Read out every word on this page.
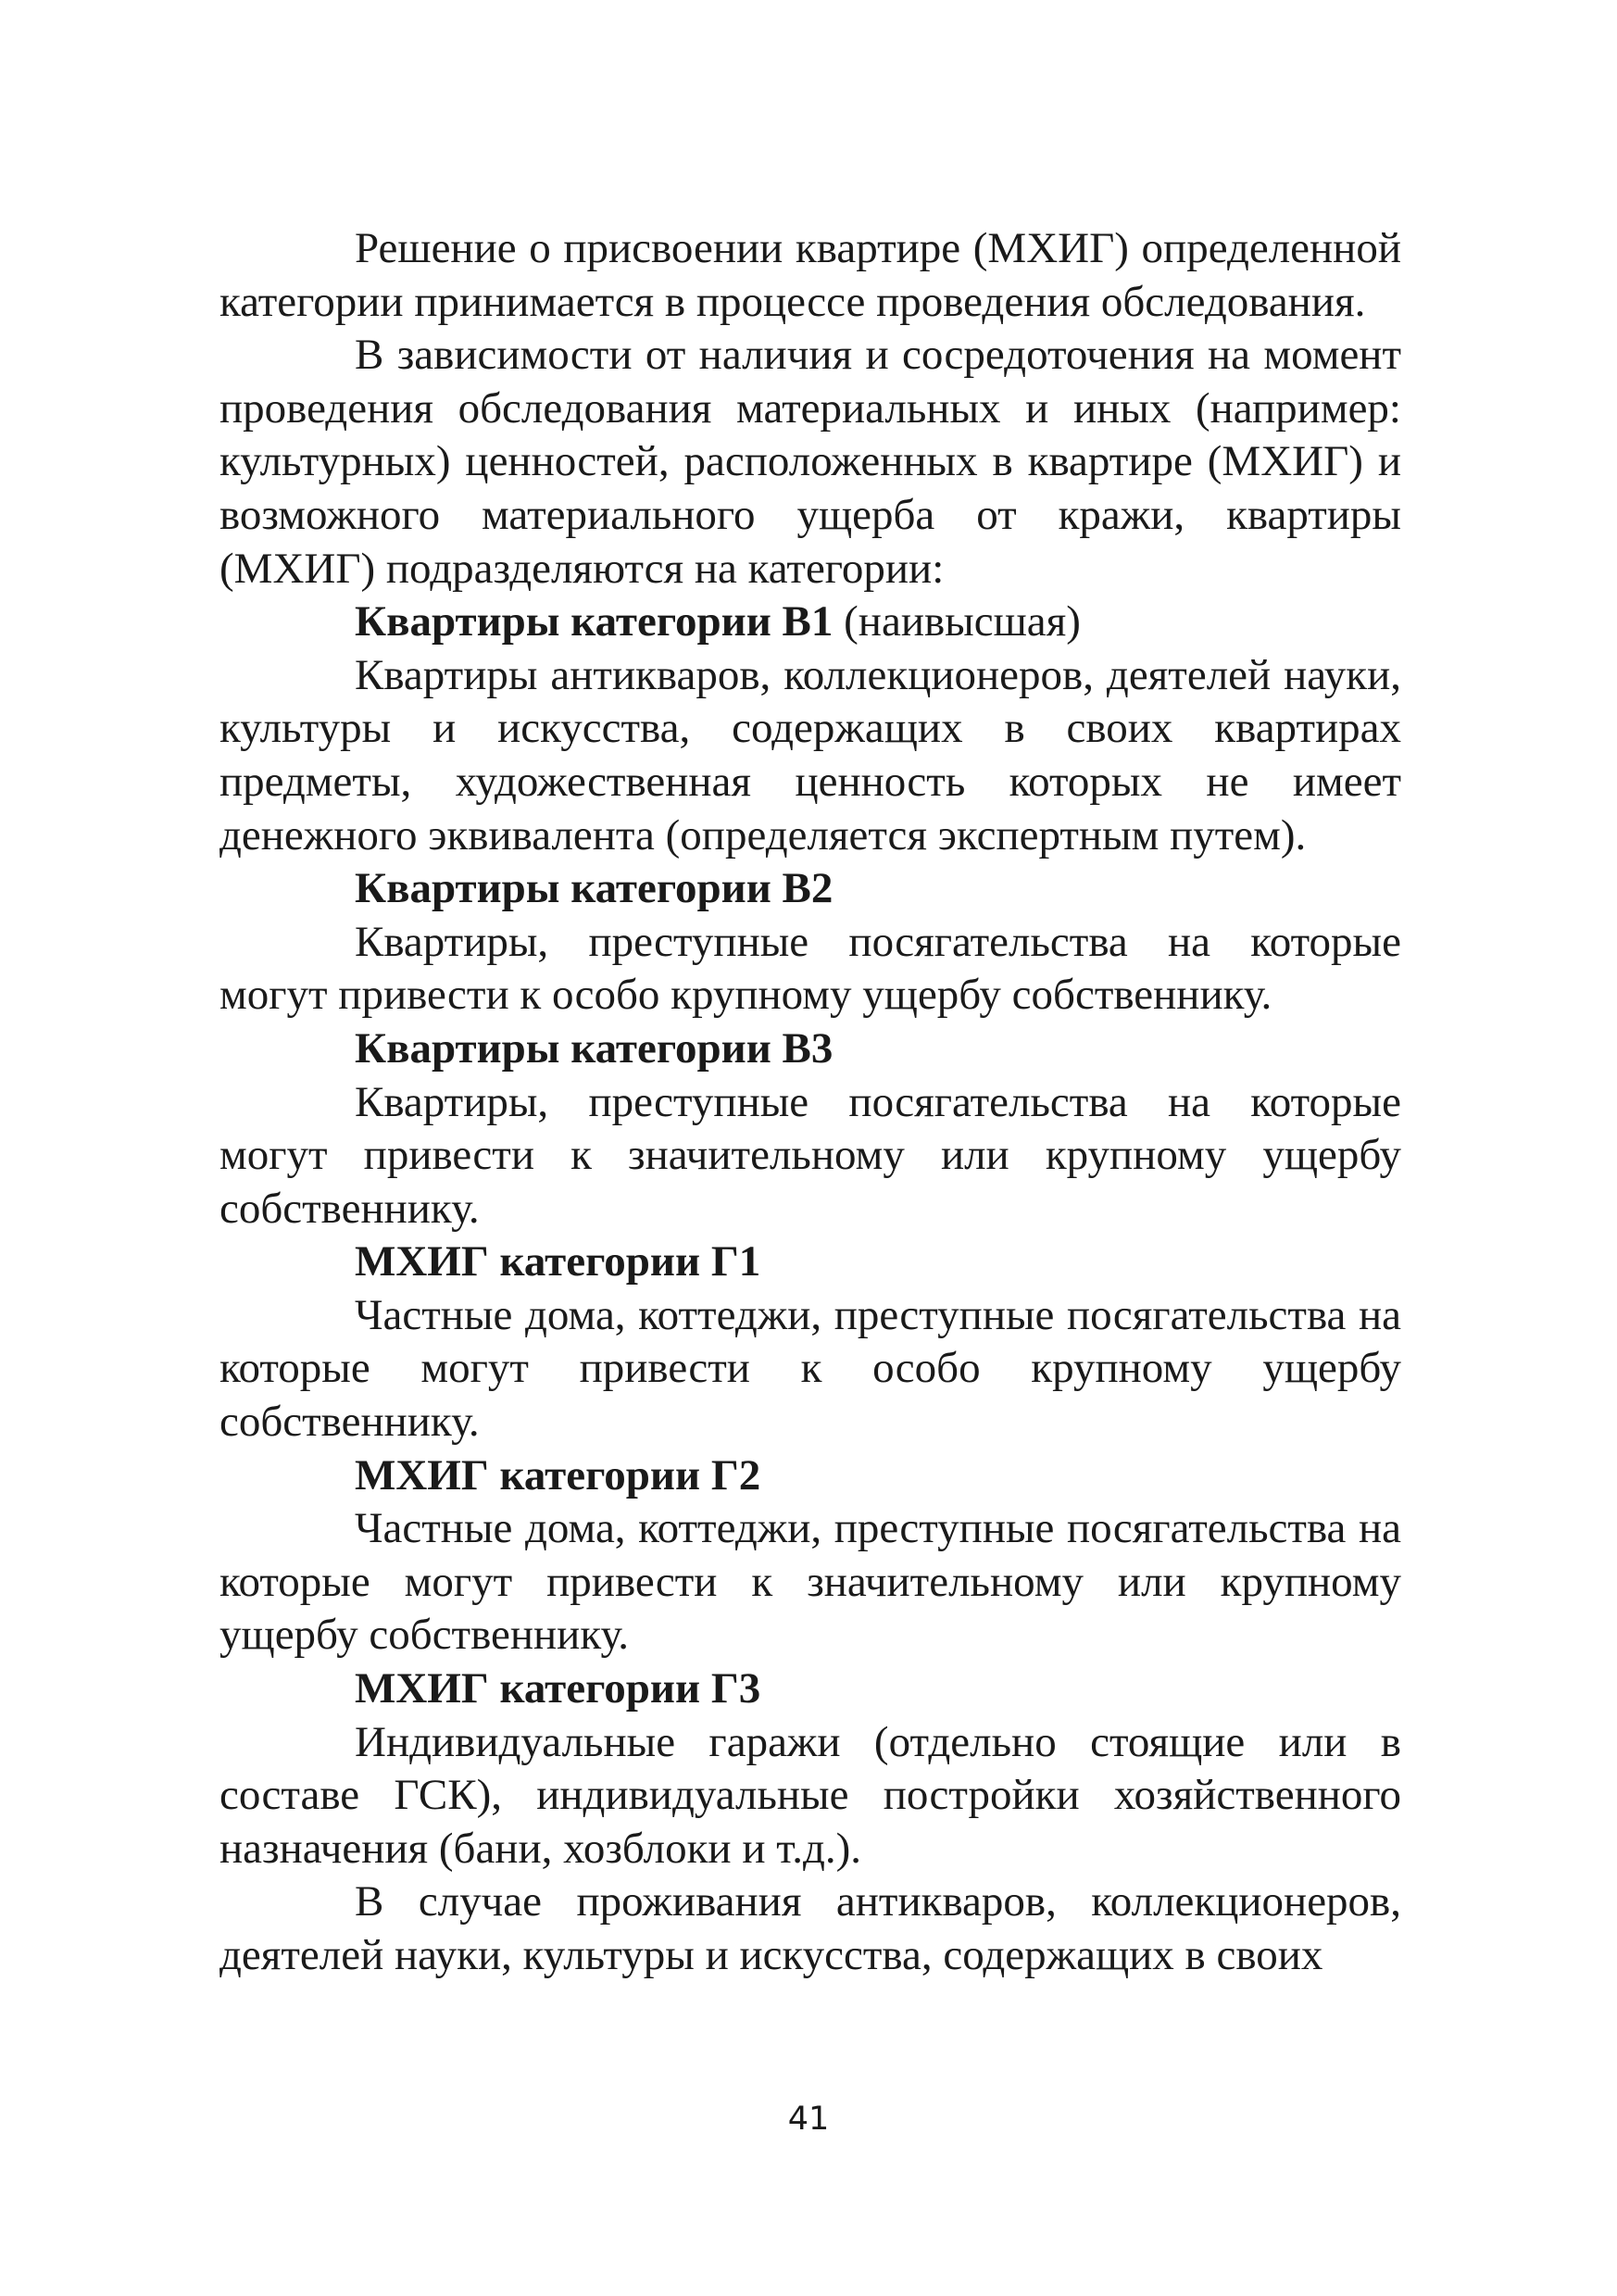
Решение о присвоении квартире (МХИГ) определенной категории принимается в процессе проведения обследования.

В зависимости от наличия и сосредоточения на момент проведения обследования материальных и иных (например: культурных) ценностей, расположенных в квартире (МХИГ) и возможного материального ущерба от кражи, квартиры (МХИГ) подразделяются на категории:

Квартиры категории В1 (наивысшая)

Квартиры антикваров, коллекционеров, деятелей науки, культуры и искусства, содержащих в своих квартирах предметы, художественная ценность которых не имеет денежного эквивалента (определяется экспертным путем).

Квартиры категории В2

Квартиры, преступные посягательства на которые могут привести к особо крупному ущербу собственнику.

Квартиры категории В3

Квартиры, преступные посягательства на которые могут привести к значительному или крупному ущербу собственнику.

МХИГ категории Г1

Частные дома, коттеджи, преступные посягательства на которые могут привести к особо крупному ущербу собственнику.

МХИГ категории Г2

Частные дома, коттеджи, преступные посягательства на которые могут привести к значительному или крупному ущербу собственнику.

МХИГ категории Г3

Индивидуальные гаражи (отдельно стоящие или в составе ГСК), индивидуальные постройки хозяйственного назначения (бани, хозблоки и т.д.).

В случае проживания антикваров, коллекционеров, деятелей науки, культуры и искусства, содержащих в своих

41
